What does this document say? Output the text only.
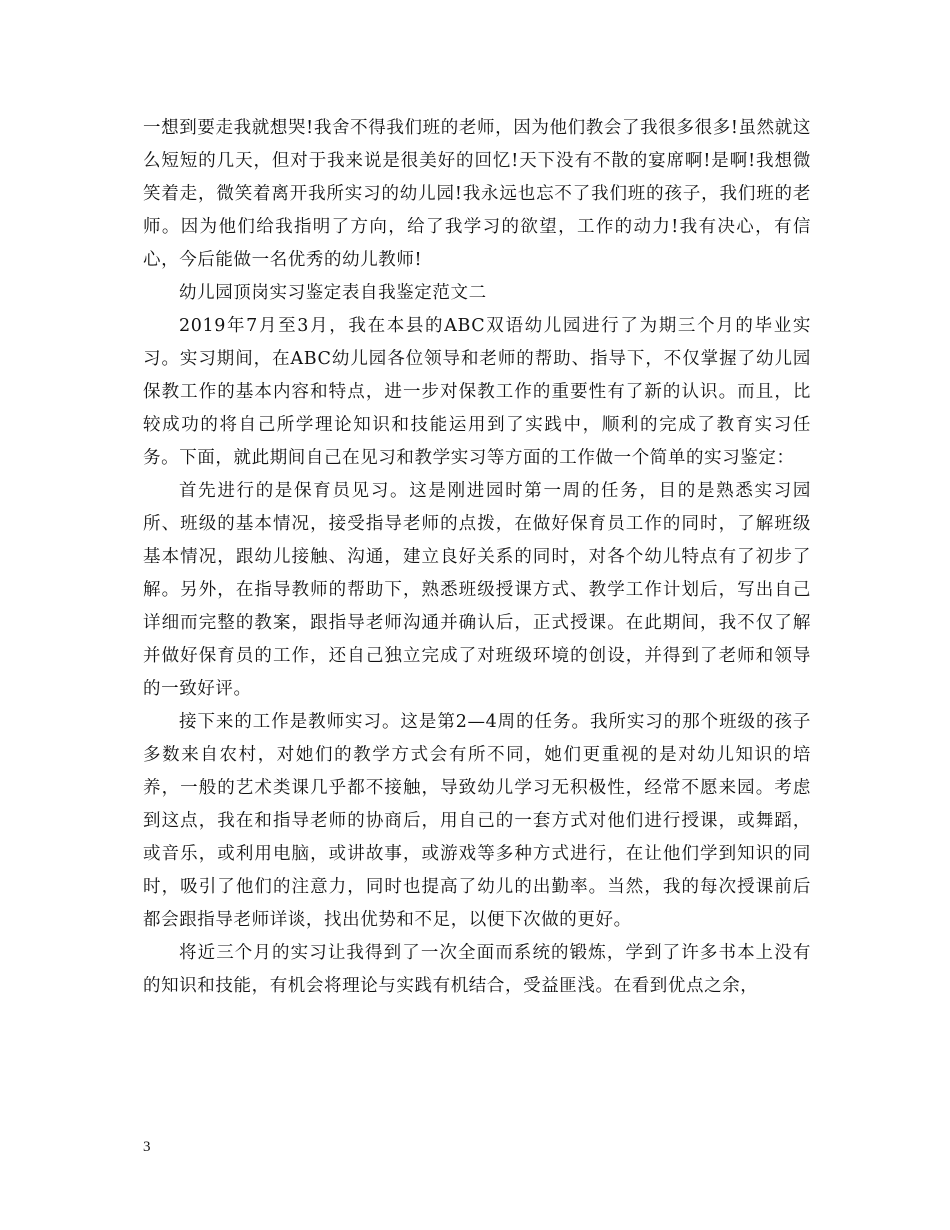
一想到要走我就想哭!我舍不得我们班的老师，因为他们教会了我很多很多!虽然就这么短短的几天，但对于我来说是很美好的回忆!天下没有不散的宴席啊!是啊!我想微笑着走，微笑着离开我所实习的幼儿园!我永远也忘不了我们班的孩子，我们班的老师。因为他们给我指明了方向，给了我学习的欲望，工作的动力!我有决心，有信心，今后能做一名优秀的幼儿教师!

幼儿园顶岗实习鉴定表自我鉴定范文二

2019年7月至3月，我在本县的ABC双语幼儿园进行了为期三个月的毕业实习。实习期间，在ABC幼儿园各位领导和老师的帮助、指导下，不仅掌握了幼儿园保教工作的基本内容和特点，进一步对保教工作的重要性有了新的认识。而且，比较成功的将自己所学理论知识和技能运用到了实践中，顺利的完成了教育实习任务。下面，就此期间自己在见习和教学实习等方面的工作做一个简单的实习鉴定：

首先进行的是保育员见习。这是刚进园时第一周的任务，目的是熟悉实习园所、班级的基本情况，接受指导老师的点拨，在做好保育员工作的同时，了解班级基本情况，跟幼儿接触、沟通，建立良好关系的同时，对各个幼儿特点有了初步了解。另外，在指导教师的帮助下，熟悉班级授课方式、教学工作计划后，写出自己详细而完整的教案，跟指导老师沟通并确认后，正式授课。在此期间，我不仅了解并做好保育员的工作，还自己独立完成了对班级环境的创设，并得到了老师和领导的一致好评。

接下来的工作是教师实习。这是第2—4周的任务。我所实习的那个班级的孩子多数来自农村，对她们的教学方式会有所不同，她们更重视的是对幼儿知识的培养，一般的艺术类课几乎都不接触，导致幼儿学习无积极性，经常不愿来园。考虑到这点，我在和指导老师的协商后，用自己的一套方式对他们进行授课，或舞蹈，或音乐，或利用电脑，或讲故事，或游戏等多种方式进行，在让他们学到知识的同时，吸引了他们的注意力，同时也提高了幼儿的出勤率。当然，我的每次授课前后都会跟指导老师详谈，找出优势和不足，以便下次做的更好。

将近三个月的实习让我得到了一次全面而系统的锻炼，学到了许多书本上没有的知识和技能，有机会将理论与实践有机结合，受益匪浅。在看到优点之余，

3
